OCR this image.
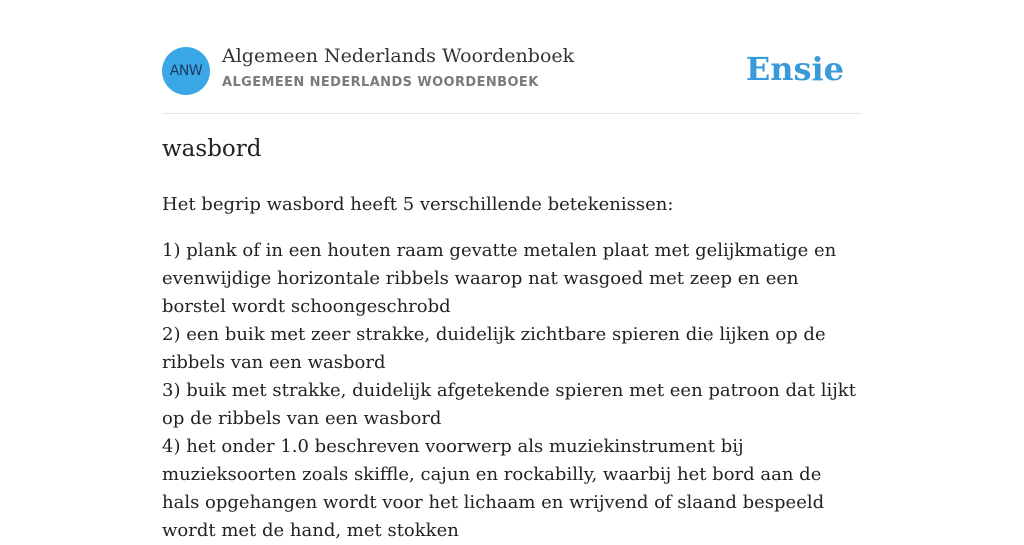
ANW
Algemeen Nederlands Woordenboek
ALGEMEEN NEDERLANDS WOORDENBOEK	Ensie
wasbord

Het begrip wasbord heeft 5 verschillende betekenissen:

1) plank of in een houten raam gevatte metalen plaat met gelijkmatige en evenwijdige horizontale ribbels waarop nat wasgoed met zeep en een borstel wordt schoongeschrobd
2) een buik met zeer strakke, duidelijk zichtbare spieren die lijken op de ribbels van een wasbord
3) buik met strakke, duidelijk afgetekende spieren met een patroon dat lijkt op de ribbels van een wasbord
4) het onder 1.0 beschreven voorwerp als muziekinstrument bij muzieksoorten zoals skiffle, cajun en rockabilly, waarbij het bord aan de hals opgehangen wordt voor het lichaam en wrijvend of slaand bespeeld wordt met de hand, met stokken
